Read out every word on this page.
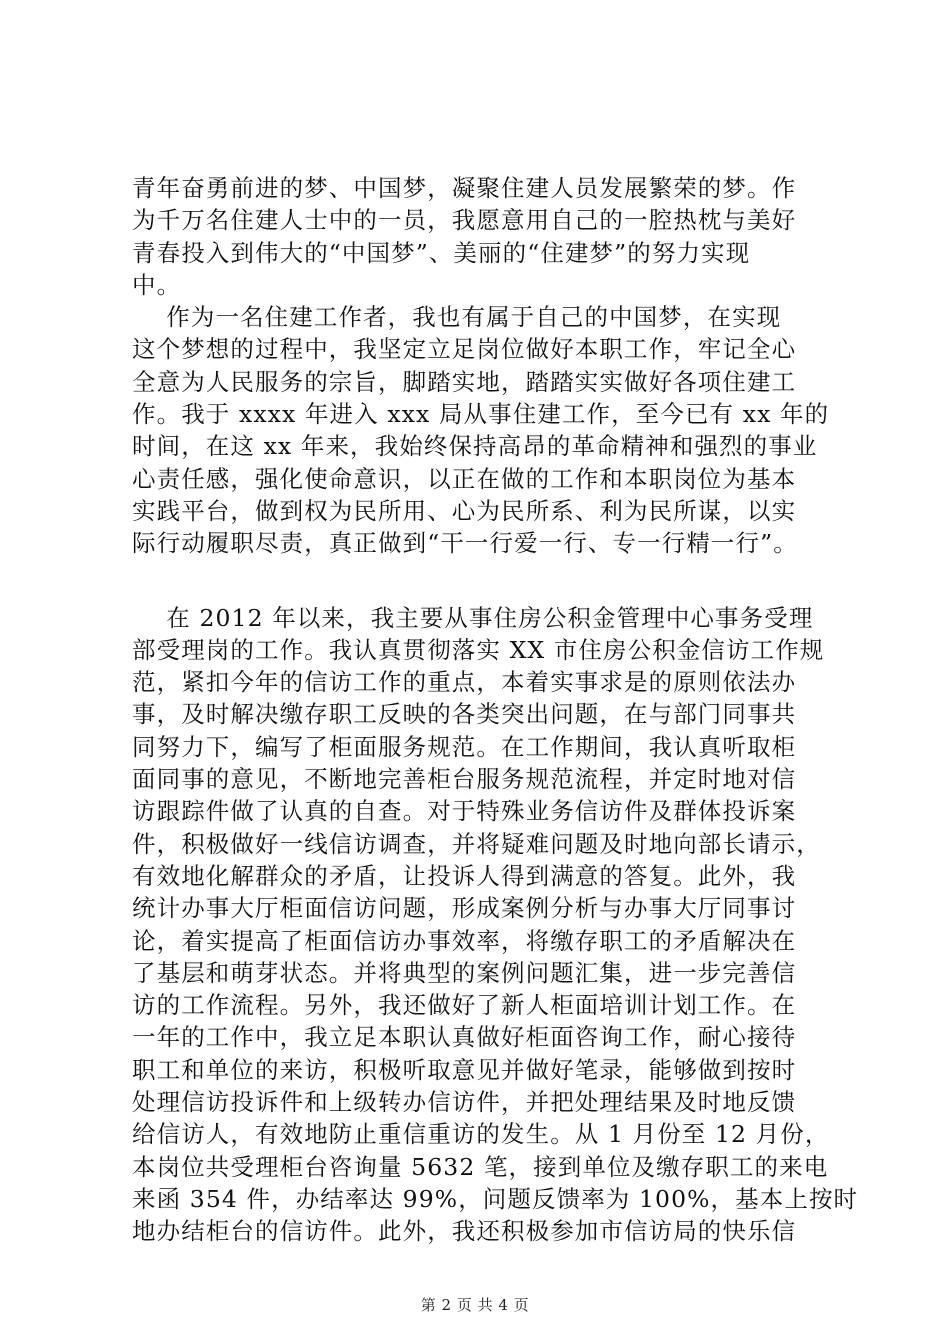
青年奋勇前进的梦、中国梦，凝聚住建人员发展繁荣的梦。作
为千万名住建人士中的一员，我愿意用自己的一腔热枕与美好
青春投入到伟大的“中国梦”、美丽的“住建梦”的努力实现
中。
作为一名住建工作者，我也有属于自己的中国梦，在实现
这个梦想的过程中，我坚定立足岗位做好本职工作，牢记全心
全意为人民服务的宗旨，脚踏实地，踏踏实实做好各项住建工
作。我于 xxxx 年进入 xxx 局从事住建工作，至今已有 xx 年的
时间，在这 xx 年来，我始终保持高昂的革命精神和强烈的事业
心责任感，强化使命意识，以正在做的工作和本职岗位为基本
实践平台，做到权为民所用、心为民所系、利为民所谋，以实
际行动履职尽责，真正做到“干一行爱一行、专一行精一行”。
在 2012 年以来，我主要从事住房公积金管理中心事务受理
部受理岗的工作。我认真贯彻落实 XX 市住房公积金信访工作规
范，紧扣今年的信访工作的重点，本着实事求是的原则依法办
事，及时解决缴存职工反映的各类突出问题，在与部门同事共
同努力下，编写了柜面服务规范。在工作期间，我认真听取柜
面同事的意见，不断地完善柜台服务规范流程，并定时地对信
访跟踪件做了认真的自查。对于特殊业务信访件及群体投诉案
件，积极做好一线信访调查，并将疑难问题及时地向部长请示，
有效地化解群众的矛盾，让投诉人得到满意的答复。此外，我
统计办事大厅柜面信访问题，形成案例分析与办事大厅同事讨
论，着实提高了柜面信访办事效率，将缴存职工的矛盾解决在
了基层和萌芽状态。并将典型的案例问题汇集，进一步完善信
访的工作流程。另外，我还做好了新人柜面培训计划工作。在
一年的工作中，我立足本职认真做好柜面咨询工作，耐心接待
职工和单位的来访，积极听取意见并做好笔录，能够做到按时
处理信访投诉件和上级转办信访件，并把处理结果及时地反馈
给信访人，有效地防止重信重访的发生。从 1 月份至 12 月份，
本岗位共受理柜台咨询量 5632 笔，接到单位及缴存职工的来电
来函 354 件，办结率达 99%，问题反馈率为 100%，基本上按时
地办结柜台的信访件。此外，我还积极参加市信访局的快乐信
第 2 页 共 4 页
